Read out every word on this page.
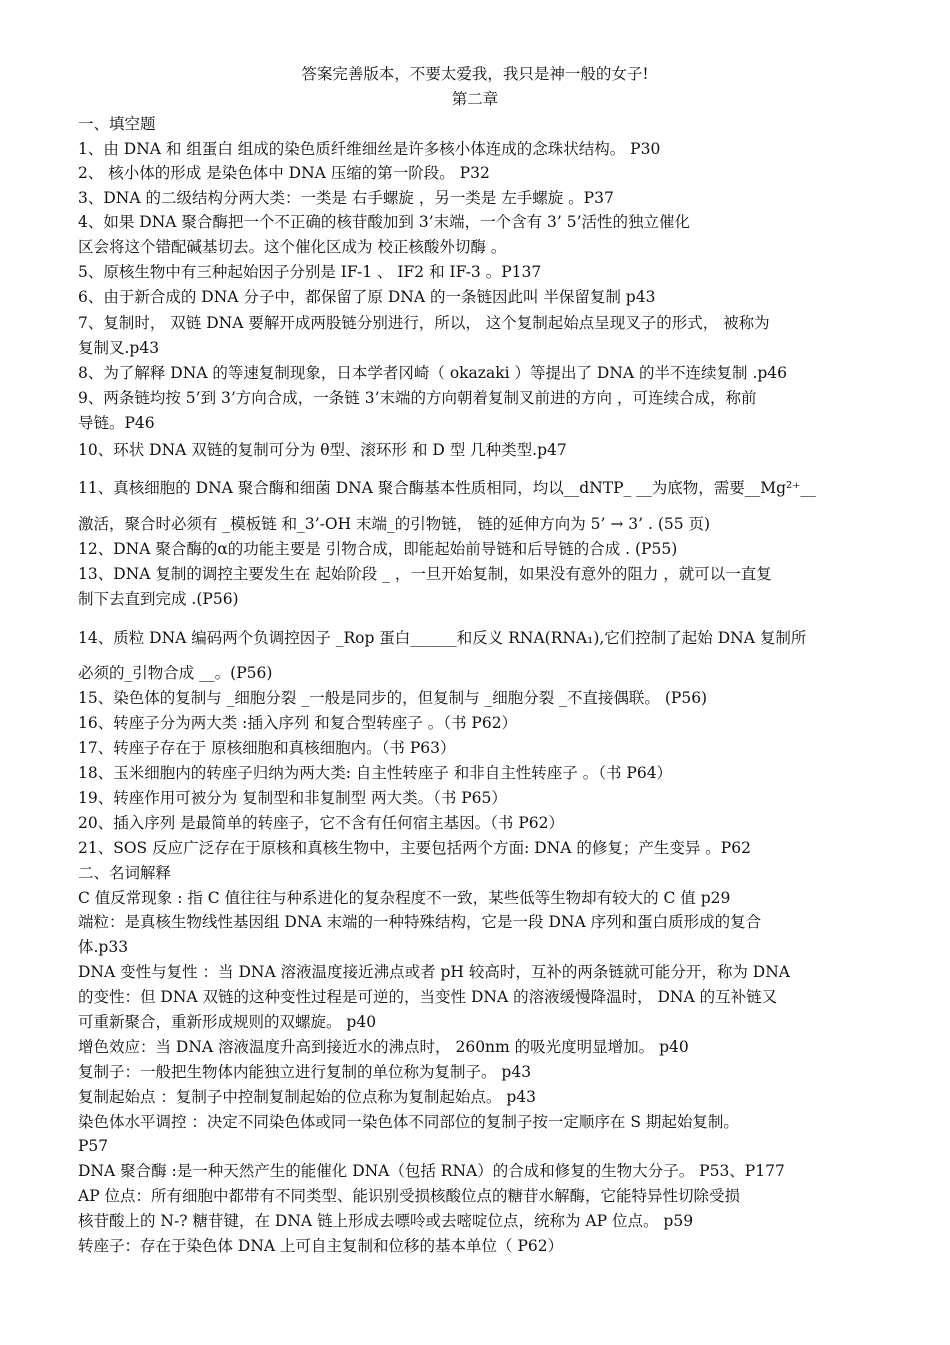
答案完善版本，不要太爱我，我只是神一般的女子!
第二章
一、填空题
1、由 DNA 和 组蛋白 组成的染色质纤维细丝是许多核小体连成的念珠状结构。 P30
2、 核小体的形成 是染色体中 DNA 压缩的第一阶段。 P32
3、DNA 的二级结构分两大类：一类是 右手螺旋 ，另一类是 左手螺旋 。P37
4、如果 DNA 聚合酶把一个不正确的核苷酸加到 3’末端，一个含有 3’ 5’活性的独立催化
区会将这个错配碱基切去。这个催化区成为 校正核酸外切酶 。
5、原核生物中有三种起始因子分别是 IF-1 、 IF2 和 IF-3 。P137
6、由于新合成的 DNA 分子中，都保留了原 DNA 的一条链因此叫 半保留复制 p43
7、复制时， 双链 DNA 要解开成两股链分别进行，所以， 这个复制起始点呈现叉子的形式， 被称为
复制叉.p43
8、为了解释 DNA 的等速复制现象，日本学者冈崎（ okazaki ）等提出了 DNA 的半不连续复制 .p46
9、两条链均按 5’到 3’方向合成，一条链 3’末端的方向朝着复制叉前进的方向 ，可连续合成，称前
导链。P46
10、环状 DNA 双链的复制可分为 θ型、滚环形 和 D 型 几种类型.p47
11、真核细胞的 DNA 聚合酶和细菌 DNA 聚合酶基本性质相同，均以__dNTP_ __为底物，需要__Mg²⁺__
激活，聚合时必须有 _模板链 和_3’-OH 末端_的引物链， 链的延伸方向为 5’ → 3’ . (55 页)
12、DNA 聚合酶的α的功能主要是 引物合成，即能起始前导链和后导链的合成 . (P55)
13、DNA 复制的调控主要发生在 起始阶段 _ ，一旦开始复制，如果没有意外的阻力 ，就可以一直复
制下去直到完成 .(P56)
14、质粒 DNA 编码两个负调控因子 _Rop 蛋白______和反义 RNA(RNA₁),它们控制了起始 DNA 复制所
必须的_引物合成 __。(P56)
15、染色体的复制与 _细胞分裂 _一般是同步的，但复制与 _细胞分裂 _不直接偶联。 (P56)
16、转座子分为两大类 :插入序列 和复合型转座子 。（书 P62）
17、转座子存在于 原核细胞和真核细胞内。（书 P63）
18、玉米细胞内的转座子归纳为两大类: 自主性转座子 和非自主性转座子 。（书 P64）
19、转座作用可被分为 复制型和非复制型 两大类。（书 P65）
20、插入序列 是最简单的转座子，它不含有任何宿主基因。（书 P62）
21、SOS 反应广泛存在于原核和真核生物中，主要包括两个方面: DNA 的修复；产生变异 。P62
二、名词解释
C 值反常现象 : 指 C 值往往与种系进化的复杂程度不一致，某些低等生物却有较大的 C 值 p29
端粒：是真核生物线性基因组 DNA 末端的一种特殊结构，它是一段 DNA 序列和蛋白质形成的复合
体.p33
DNA 变性与复性 ：当 DNA 溶液温度接近沸点或者 pH 较高时，互补的两条链就可能分开，称为 DNA
的变性：但 DNA 双链的这种变性过程是可逆的，当变性 DNA 的溶液缓慢降温时， DNA 的互补链又
可重新聚合，重新形成规则的双螺旋。 p40
增色效应：当 DNA 溶液温度升高到接近水的沸点时， 260nm 的吸光度明显增加。 p40
复制子：一般把生物体内能独立进行复制的单位称为复制子。 p43
复制起始点 ：复制子中控制复制起始的位点称为复制起始点。 p43
染色体水平调控 ：决定不同染色体或同一染色体不同部位的复制子按一定顺序在 S 期起始复制。
P57
DNA 聚合酶 :是一种天然产生的能催化 DNA（包括 RNA）的合成和修复的生物大分子。 P53、P177
AP 位点：所有细胞中都带有不同类型、能识别受损核酸位点的糖苷水解酶，它能特异性切除受损
核苷酸上的 N-? 糖苷键，在 DNA 链上形成去嘌呤或去嘧啶位点，统称为 AP 位点。 p59
转座子：存在于染色体 DNA 上可自主复制和位移的基本单位（ P62）
